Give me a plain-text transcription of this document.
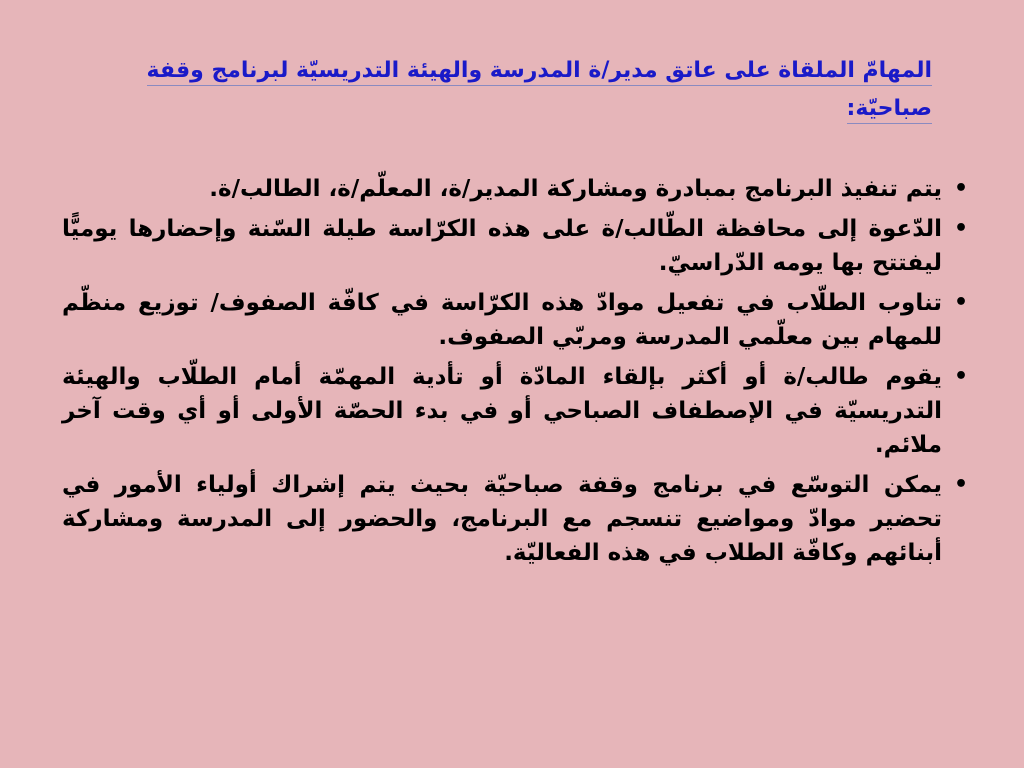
المهامّ الملقاة على عاتق مدير/ة المدرسة والهيئة التدريسيّة لبرنامج وقفة صباحيّة:
•
يتم تنفيذ البرنامج بمبادرة ومشاركة المدير/ة، المعلّم/ة، الطالب/ة.
•
الدّعوة إلى محافظة الطّالب/ة على هذه الكرّاسة طيلة السّنة وإحضارها يوميًّا ليفتتح بها يومه الدّراسيّ.
•
تناوب الطلّاب في تفعيل موادّ هذه الكرّاسة في كافّة الصفوف/ توزيع منظّم للمهام بين معلّمي المدرسة ومربّي الصفوف.
•
يقوم طالب/ة أو أكثر بإلقاء المادّة أو تأدية المهمّة أمام الطلّاب والهيئة التدريسيّة في الإصطفاف الصباحي أو في بدء الحصّة الأولى أو أي وقت آخر ملائم.
•
يمكن التوسّع في برنامج وقفة صباحيّة بحيث يتم إشراك أولياء الأمور في تحضير موادّ ومواضيع تنسجم مع البرنامج، والحضور إلى المدرسة ومشاركة أبنائهم وكافّة الطلاب في هذه الفعاليّة.
